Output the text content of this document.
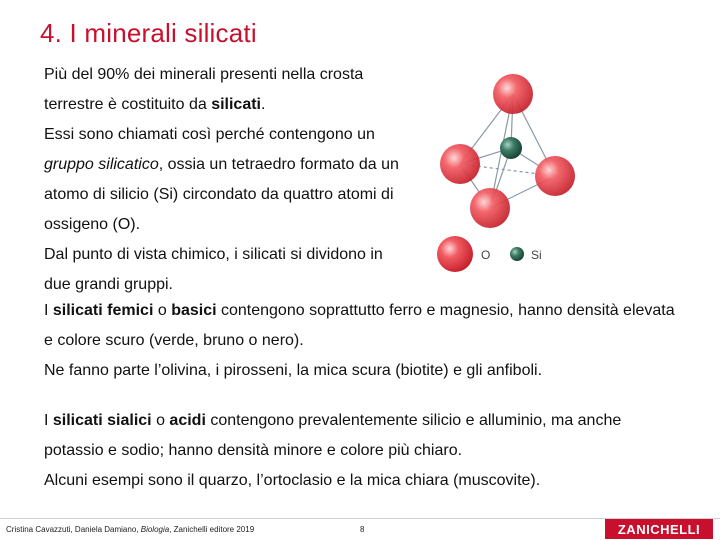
4. I minerali silicati

Più del 90% dei minerali presenti nella crosta terrestre è costituito da silicati.
Essi sono chiamati così perché contengono un gruppo silicatico, ossia un tetraedro formato da un atomo di silicio (Si) circondato da quattro atomi di ossigeno (O).
Dal punto di vista chimico, i silicati si dividono in due grandi gruppi.

O	Si

I silicati femici o basici contengono soprattutto ferro e magnesio, hanno densità elevata e colore scuro (verde, bruno o nero).
Ne fanno parte l’olivina, i pirosseni, la mica scura (biotite) e gli anfiboli.

I silicati sialici o acidi contengono prevalentemente silicio e alluminio, ma anche potassio e sodio; hanno densità minore e colore più chiaro.
Alcuni esempi sono il quarzo, l’ortoclasio e la mica chiara (muscovite).

Cristina Cavazzuti, Daniela Damiano, Biologia, Zanichelli editore 2019	8	ZANICHELLI
